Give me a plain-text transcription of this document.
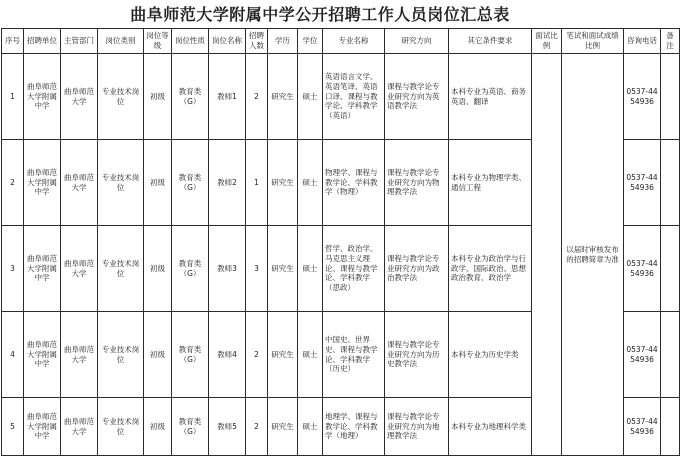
曲阜师范大学附属中学公开招聘工作人员岗位汇总表
序号	招聘单位	主管部门	岗位类别	岗位等级	岗位性质	岗位名称	招聘人数	学历	学位	专业名称	研究方向	其它条件要求	面试比例	笔试和面试成绩比例	咨询电话	备注
1	曲阜师范大学附属中学	曲阜师范大学	专业技术岗位	初级	教育类（G）	教师1	2	研究生	硕士	英语语言文学、英语笔译、英语口译、课程与教学论、学科教学（英语）	课程与教学论专业研究方向为英语教学法	本科专业为英语、商务英语、翻译		以届时审核发布的招聘简章为准	0537-4454936	
2	曲阜师范大学附属中学	曲阜师范大学	专业技术岗位	初级	教育类（G）	教师2	1	研究生	硕士	物理学、课程与教学论、学科教学（物理）	课程与教学论专业研究方向为物理教学法	本科专业为物理学类、通信工程			0537-4454936	
3	曲阜师范大学附属中学	曲阜师范大学	专业技术岗位	初级	教育类（G）	教师3	3	研究生	硕士	哲学、政治学、马克思主义理论、课程与教学论、学科教学（思政）	课程与教学论专业研究方向为政治教学法	本科专业为政治学与行政学、国际政治、思想政治教育、政治学			0537-4454936	
4	曲阜师范大学附属中学	曲阜师范大学	专业技术岗位	初级	教育类（G）	教师4	2	研究生	硕士	中国史、世界史、课程与教学论、学科教学（历史）	课程与教学论专业研究方向为历史教学法	本科专业为历史学类			0537-4454936	
5	曲阜师范大学附属中学	曲阜师范大学	专业技术岗位	初级	教育类（G）	教师5	2	研究生	硕士	地理学、课程与教学论、学科教学（地理）	课程与教学论专业研究方向为地理教学法	本科专业为地理科学类			0537-4454936	
